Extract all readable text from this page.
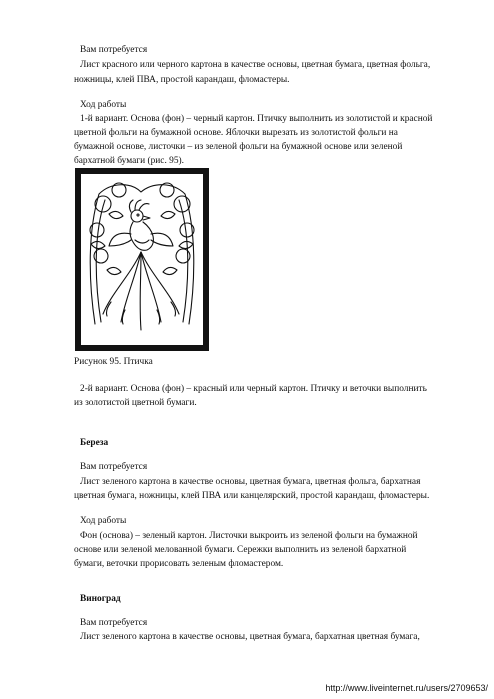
Вам потребуется

Лист красного или черного картона в качестве основы, цветная бумага, цветная фольга,

ножницы, клей ПВА, простой карандаш, фломастеры.

Ход работы

1-й вариант. Основа (фон) – черный картон. Птичку выполнить из золотистой и красной

цветной фольги на бумажной основе. Яблочки вырезать из золотистой фольги на

бумажной основе, листочки – из зеленой фольги на бумажной основе или зеленой

бархатной бумаги (рис. 95).

Рисунок 95. Птичка

2-й вариант. Основа (фон) – красный или черный картон. Птичку и веточки выполнить

из золотистой цветной бумаги.

Береза

Вам потребуется

Лист зеленого картона в качестве основы, цветная бумага, цветная фольга, бархатная

цветная бумага, ножницы, клей ПВА или канцелярский, простой карандаш, фломастеры.

Ход работы

Фон (основа) – зеленый картон. Листочки выкроить из зеленой фольги на бумажной

основе или зеленой мелованной бумаги. Сережки выполнить из зеленой бархатной

бумаги, веточки прорисовать зеленым фломастером.

Виноград

Вам потребуется

Лист зеленого картона в качестве основы, цветная бумага, бархатная цветная бумага,

http://www.liveinternet.ru/users/2709653/
